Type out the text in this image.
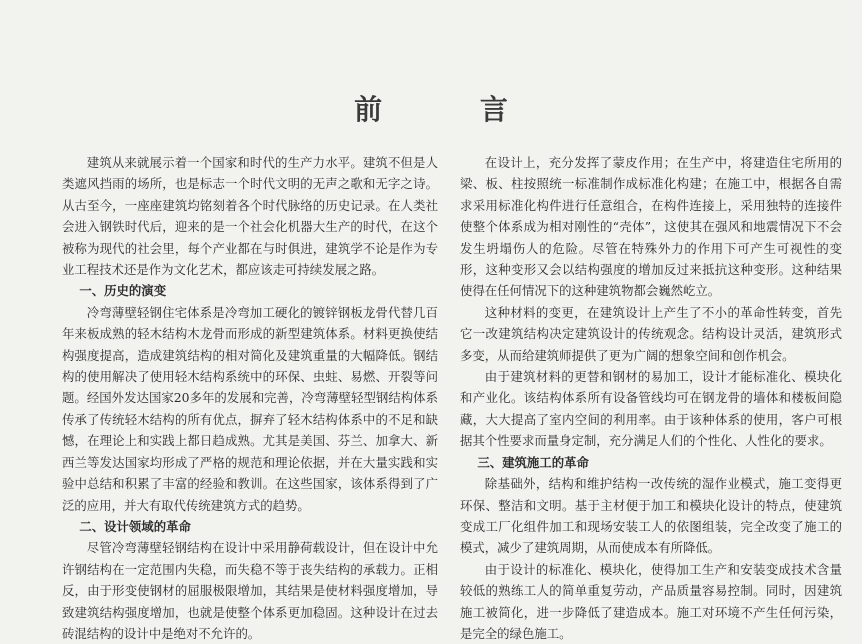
前 言

建筑从来就展示着一个国家和时代的生产力水平。建筑不但是人类遮风挡雨的场所，也是标志一个时代文明的无声之歌和无字之诗。从古至今，一座座建筑均铭刻着各个时代脉络的历史记录。在人类社会进入钢铁时代后，迎来的是一个社会化机器大生产的时代，在这个被称为现代的社会里，每个产业都在与时俱进，建筑学不论是作为专业工程技术还是作为文化艺术，都应该走可持续发展之路。

一、历史的演变

冷弯薄壁轻钢住宅体系是冷弯加工硬化的镀锌钢板龙骨代替几百年来板成熟的轻木结构木龙骨而形成的新型建筑体系。材料更换使结构强度提高，造成建筑结构的相对简化及建筑重量的大幅降低。钢结构的使用解决了使用轻木结构系统中的环保、虫蛀、易燃、开裂等问题。经国外发达国家20多年的发展和完善，冷弯薄壁轻型钢结构体系传承了传统轻木结构的所有优点，摒弃了轻木结构体系中的不足和缺憾，在理论上和实践上都日趋成熟。尤其是美国、芬兰、加拿大、新西兰等发达国家均形成了严格的规范和理论依据，并在大量实践和实验中总结和积累了丰富的经验和教训。在这些国家，该体系得到了广泛的应用，并大有取代传统建筑方式的趋势。

二、设计领域的革命

尽管冷弯薄壁轻钢结构在设计中采用静荷载设计，但在设计中允许钢结构在一定范围内失稳，而失稳不等于丧失结构的承载力。正相反，由于形变使钢材的屈服极限增加，其结果是使材料强度增加，导致建筑结构强度增加，也就是使整个体系更加稳固。这种设计在过去砖混结构的设计中是绝对不允许的。

在设计上，充分发挥了蒙皮作用；在生产中，将建造住宅所用的梁、板、柱按照统一标准制作成标准化构建；在施工中，根据各自需求采用标准化构件进行任意组合，在构件连接上，采用独特的连接件使整个体系成为相对刚性的“壳体”，这使其在强风和地震情况下不会发生坍塌伤人的危险。尽管在特殊外力的作用下可产生可视性的变形，这种变形又会以结构强度的增加反过来抵抗这种变形。这种结果使得在任何情况下的这种建筑物都会巍然屹立。

这种材料的变更，在建筑设计上产生了不小的革命性转变，首先它一改建筑结构决定建筑设计的传统观念。结构设计灵活，建筑形式多变，从而给建筑师提供了更为广阔的想象空间和创作机会。

由于建筑材料的更替和钢材的易加工，设计才能标准化、模块化和产业化。该结构体系所有设备管线均可在钢龙骨的墙体和楼板间隐藏，大大提高了室内空间的利用率。由于该种体系的使用，客户可根据其个性要求而量身定制，充分满足人们的个性化、人性化的要求。

三、建筑施工的革命

除基础外，结构和维护结构一改传统的湿作业模式，施工变得更环保、整洁和文明。基于主材便于加工和模块化设计的特点，使建筑变成工厂化组件加工和现场安装工人的依图组装，完全改变了施工的模式，减少了建筑周期，从而使成本有所降低。

由于设计的标准化、模块化，使得加工生产和安装变成技术含量较低的熟练工人的简单重复劳动，产品质量容易控制。同时，因建筑施工被简化，进一步降低了建造成本。施工对环境不产生任何污染，是完全的绿色施工。
